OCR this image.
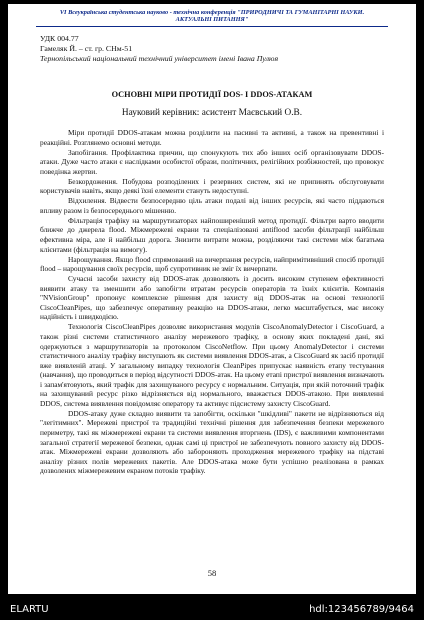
VI Всеукраїнська студентська науково - технічна конференція "ПРИРОДНИЧІ ТА ГУМАНІТАРНІ НАУКИ.
АКТУАЛЬНІ ПИТАННЯ"
УДК 004.77
Гамеляк Й. – ст. гр. СНм-51
Тернопільський національний технічний університет імені Івана Пулюя
ОСНОВНІ МІРИ ПРОТИДІЇ DOS- І DDOS-АТАКАМ
Науковий керівник: асистент Маєвський О.В.

Міри протидії DDOS-атакам можна розділити на пасивні та активні, а також на превентивні і реакційні. Розглянемо основні методи.

Запобігання. Профілактика причин, що спонукують тих або інших осіб організовувати DDOS-атаки. Дуже часто атаки є наслідками особистої образи, політичних, релігійних розбіжностей, що провокує поведінка жертви.

Безкордоження. Побудова розподілених і резервних систем, які не припинять обслуговувати користувачів навіть, якщо деякі їхні елементи стануть недоступні.

Відхилення. Відвести безпосередню ціль атаки подалі від інших ресурсів, які часто піддаються впливу разом із безпосереднього мішенню.

Фільтрація трафіку на маршрутизаторах найпоширеніший метод протидії. Фільтри варто вводити ближче до джерела flood. Міжмережеві екрани та спеціалізовані antiflood засоби фільтрації найбільш ефективна міра, але й найбільш дорога. Знизити витрати можна, розділяючи такі системи між багатьма клієнтами (фільтрація на вимогу).

Нарощування. Якщо flood спрямований на вичерпання ресурсів, найпримітивніший спосіб протидії flood – нарощування своїх ресурсів, щоб супротивник не зміг їх вичерпати.

Сучасні засоби захисту від DDOS-атак дозволяють із досить високим ступенем ефективності виявити атаку та зменшити або запобігти втратам ресурсів операторів та їхніх клієнтів. Компанія "NVisionGroup" пропонує комплексне рішення для захисту від DDOS-атак на основі технології CiscoCleanPipes, що забезпечує оперативну реакцію на DDOS-атаки, легко масштабується, має високу надійність і швидкодією.

Технологія CiscoCleanPipes дозволяє використання модулів CiscoAnomalyDetector і CiscoGuard, а також різні системи статистичного аналізу мережевого трафіку, в основу яких покладені дані, які одержуються з маршрутизаторів за протоколом CiscoNetflow. При цьому AnomalyDetector і системи статистичного аналізу трафіку виступають як системи виявлення DDOS-атак, а CiscoGuard як засіб протидії вже виявленій атаці. У загальному випадку технологія CleanPipes припускає наявність етапу тестування (навчання), що проводиться в період відсутності DDOS-атак. На цьому етапі пристрої виявлення визначають і запам'ятовують, який трафік для захищуваного ресурсу є нормальним. Ситуація, при якій поточний трафік на захищуваний ресурс різко відрізняється від нормального, вважається DDOS-атакою. При виявленні DDOS, система виявлення повідомляє оператору та активує підсистему захисту CiscoGuard.

DDOS-атаку дуже складно виявити та запобігти, оскільки "шкідливі" пакети не відрізняються від "легітимних". Мережеві пристрої та традиційні технічні рішення для забезпечення безпеки мережевого периметру, такі як міжмережеві екрани та системи виявлення вторгнень (IDS), є важливими компонентами загальної стратегії мережевої безпеки, однак самі ці пристрої не забезпечують повного захисту від DDOS-атак. Міжмережеві екрани дозволяють або забороняють проходження мережевого трафіку на підставі аналізу різних полів мережевих пакетів. Але DDOS-атака може бути успішно реалізована в рамках дозволених міжмережевим екраном потоків трафіку.

58
ELARTU	hdl:123456789/9464
